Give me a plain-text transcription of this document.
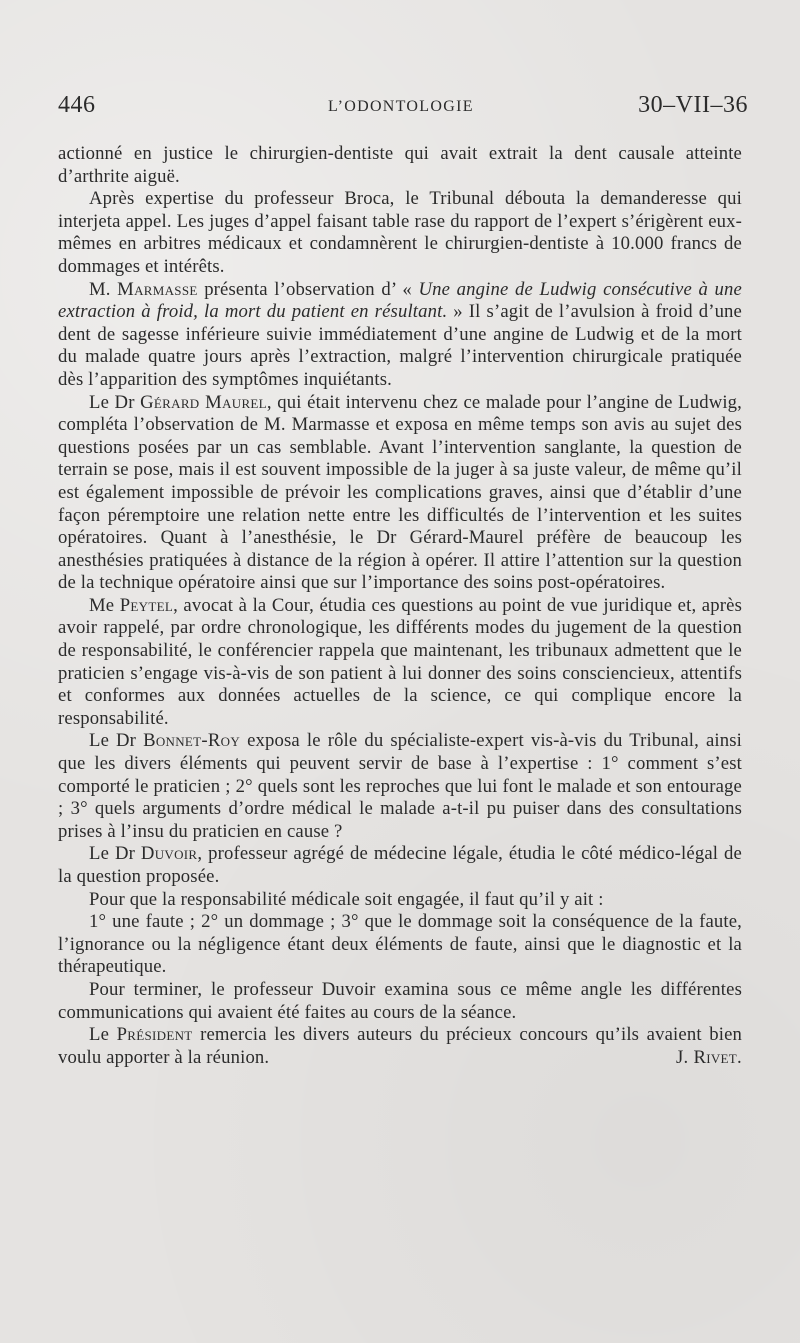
446	L’ODONTOLOGIE	30–VII–36

actionné en justice le chirurgien-dentiste qui avait extrait la dent causale atteinte d’arthrite aiguë.

Après expertise du professeur Broca, le Tribunal débouta la demanderesse qui interjeta appel. Les juges d’appel faisant table rase du rapport de l’expert s’érigèrent eux-mêmes en arbitres médicaux et condamnèrent le chirurgien-dentiste à 10.000 francs de dommages et intérêts.

M. Marmasse présenta l’observation d’ « Une angine de Ludwig consécutive à une extraction à froid, la mort du patient en résultant. » Il s’agit de l’avulsion à froid d’une dent de sagesse inférieure suivie immédiatement d’une angine de Ludwig et de la mort du malade quatre jours après l’extraction, malgré l’intervention chirurgicale pratiquée dès l’apparition des symptômes inquiétants.

Le Dr Gérard Maurel, qui était intervenu chez ce malade pour l’angine de Ludwig, compléta l’observation de M. Marmasse et exposa en même temps son avis au sujet des questions posées par un cas semblable. Avant l’intervention sanglante, la question de terrain se pose, mais il est souvent impossible de la juger à sa juste valeur, de même qu’il est également impossible de prévoir les complications graves, ainsi que d’établir d’une façon péremptoire une relation nette entre les difficultés de l’intervention et les suites opératoires. Quant à l’anesthésie, le Dr Gérard-Maurel préfère de beaucoup les anesthésies pratiquées à distance de la région à opérer. Il attire l’attention sur la question de la technique opératoire ainsi que sur l’importance des soins post-opératoires.

Me Peytel, avocat à la Cour, étudia ces questions au point de vue juridique et, après avoir rappelé, par ordre chronologique, les différents modes du jugement de la question de responsabilité, le conférencier rappela que maintenant, les tribunaux admettent que le praticien s’engage vis-à-vis de son patient à lui donner des soins consciencieux, attentifs et conformes aux données actuelles de la science, ce qui complique encore la responsabilité.

Le Dr Bonnet-Roy exposa le rôle du spécialiste-expert vis-à-vis du Tribunal, ainsi que les divers éléments qui peuvent servir de base à l’expertise : 1° comment s’est comporté le praticien ; 2° quels sont les reproches que lui font le malade et son entourage ; 3° quels arguments d’ordre médical le malade a-t-il pu puiser dans des consultations prises à l’insu du praticien en cause ?

Le Dr Duvoir, professeur agrégé de médecine légale, étudia le côté médico-légal de la question proposée.

Pour que la responsabilité médicale soit engagée, il faut qu’il y ait :

1° une faute ; 2° un dommage ; 3° que le dommage soit la conséquence de la faute, l’ignorance ou la négligence étant deux éléments de faute, ainsi que le diagnostic et la thérapeutique.

Pour terminer, le professeur Duvoir examina sous ce même angle les différentes communications qui avaient été faites au cours de la séance.

Le Président remercia les divers auteurs du précieux concours qu’ils avaient bien voulu apporter à la réunion.	J. Rivet.
